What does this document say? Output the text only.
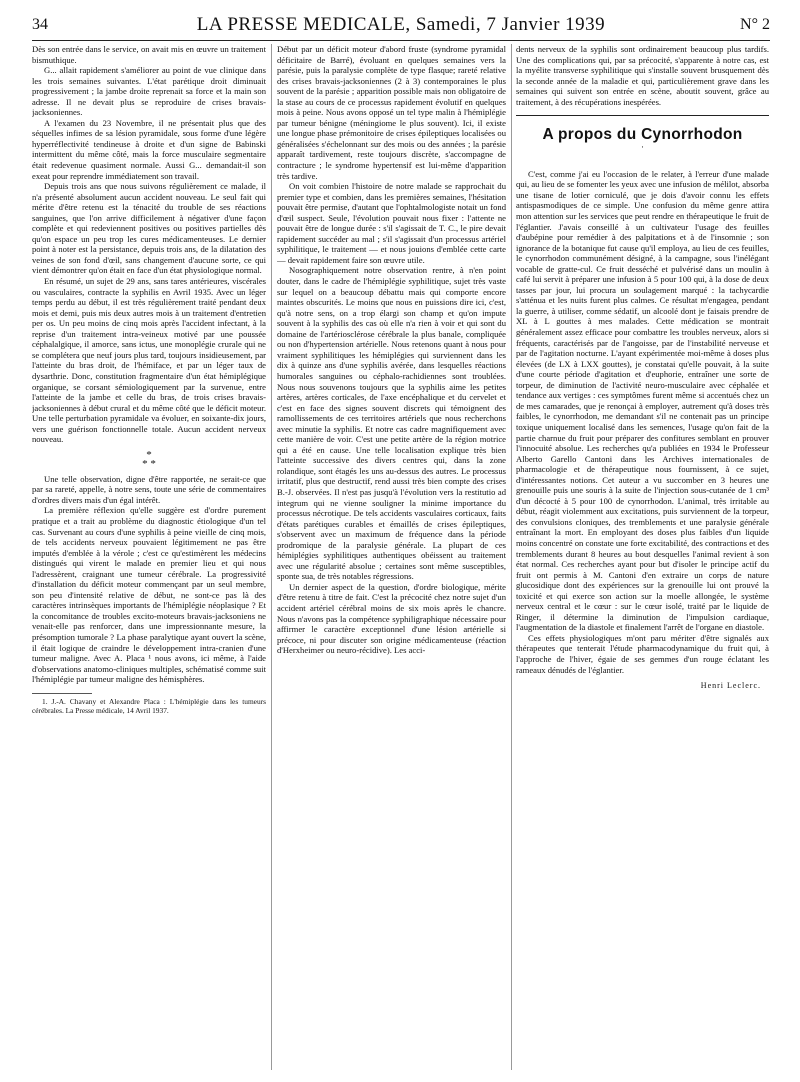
34	LA PRESSE MEDICALE, Samedi, 7 Janvier 1939	N° 2

Dès son entrée dans le service, on avait mis en œuvre un traitement bismuthique.

G... allait rapidement s'améliorer au point de vue clinique dans les trois semaines suivantes. L'état parétique droit diminuait progressivement ; la jambe droite reprenait sa force et la main son adresse. Il ne devait plus se reproduire de crises bravais-jacksoniennes.

A l'examen du 23 Novembre, il ne présentait plus que des séquelles infimes de sa lésion pyramidale, sous forme d'une légère hyperréflectivité tendineuse à droite et d'un signe de Babinski intermittent du même côté, mais la force musculaire segmentaire était redevenue quasiment normale. Aussi G... demandait-il son exeat pour reprendre immédiatement son travail.

Depuis trois ans que nous suivons régulièrement ce malade, il n'a présenté absolument aucun accident nouveau. Le seul fait qui mérite d'être retenu est la ténacité du trouble de ses réactions sanguines, que l'on arrive difficilement à négativer d'une façon complète et qui redeviennent positives ou positives partielles dès qu'on espace un peu trop les cures médicamenteuses. Le dernier point à noter est la persistance, depuis trois ans, de la dilatation des veines de son fond d'œil, sans changement d'aucune sorte, ce qui vient démontrer qu'on était en face d'un état physiologique normal.

En résumé, un sujet de 29 ans, sans tares antérieures, viscérales ou vasculaires, contracte la syphilis en Avril 1935. Avec un léger temps perdu au début, il est très régulièrement traité pendant deux mois et demi, puis mis deux autres mois à un traitement d'entretien per os. Un peu moins de cinq mois après l'accident infectant, à la reprise d'un traitement intra-veineux motivé par une poussée céphalalgique, il amorce, sans ictus, une monoplégie crurale qui ne se complétera que neuf jours plus tard, toujours insidieusement, par l'atteinte du bras droit, de l'hémiface, et par un léger taux de dysarthrie. Donc, constitution fragmentaire d'un état hémiplégique organique, se corsant sémiologiquement par la survenue, entre l'atteinte de la jambe et celle du bras, de trois crises bravais-jacksoniennes à début crural et du même côté que le déficit moteur. Une telle perturbation pyramidale va évoluer, en soixante-dix jours, vers une guérison fonctionnelle totale. Aucun accident nerveux nouveau.

*
* *

Une telle observation, digne d'être rapportée, ne serait-ce que par sa rareté, appelle, à notre sens, toute une série de commentaires d'ordres divers mais d'un égal intérêt.

La première réflexion qu'elle suggère est d'ordre purement pratique et a trait au problème du diagnostic étiologique d'un tel cas. Survenant au cours d'une syphilis à peine vieille de cinq mois, de tels accidents nerveux pouvaient légitimement ne pas être imputés d'emblée à la vérole ; c'est ce qu'estimèrent les médecins distingués qui virent le malade en premier lieu et qui nous l'adressèrent, craignant une tumeur cérébrale. La progressivité d'installation du déficit moteur commençant par un seul membre, son peu d'intensité relative de début, ne sont-ce pas là des caractères intrinsèques importants de l'hémiplégie néoplasique ? Et la concomitance de troubles excito-moteurs bravais-jacksoniens ne venait-elle pas renforcer, dans une impressionnante mesure, la présomption tumorale ? La phase paralytique ayant ouvert la scène, il était logique de craindre le développement intra-cranien d'une tumeur maligne. Avec A. Placa ¹ nous avons, ici même, à l'aide d'observations anatomo-cliniques multiples, schématisé comme suit l'hémiplégie par tumeur maligne des hémisphères.

1. J.-A. Chavany et Alexandre Placa : L'hémiplégie dans les tumeurs cérébrales. La Presse médicale, 14 Avril 1937.

Début par un déficit moteur d'abord fruste (syndrome pyramidal déficitaire de Barré), évoluant en quelques semaines vers la parésie, puis la paralysie complète de type flasque; rareté relative des crises bravais-jacksoniennes (2 à 3) contemporaines le plus souvent de la parésie ; apparition possible mais non obligatoire de la stase au cours de ce processus rapidement évolutif en quelques mois à peine. Nous avons opposé un tel type malin à l'hémiplégie par tumeur bénigne (méningiome le plus souvent). Ici, il existe une longue phase prémonitoire de crises épileptiques localisées ou généralisées s'échelonnant sur des mois ou des années ; la parésie apparaît tardivement, reste toujours discrète, s'accompagne de contracture ; le syndrome hypertensif est lui-même d'apparition très tardive.

On voit combien l'histoire de notre malade se rapprochait du premier type et combien, dans les premières semaines, l'hésitation pouvait être permise, d'autant que l'ophtalmologiste notait un fond d'œil suspect. Seule, l'évolution pouvait nous fixer : l'attente ne pouvait être de longue durée : s'il s'agissait de T. C., le pire devait rapidement succéder au mal ; s'il s'agissait d'un processus artériel syphilitique, le traitement — et nous jouions d'emblée cette carte — devait rapidement faire son œuvre utile.

Nosographiquement notre observation rentre, à n'en point douter, dans le cadre de l'hémiplégie syphilitique, sujet très vaste sur lequel on a beaucoup débattu mais qui comporte encore maintes obscurités. Le moins que nous en puissions dire ici, c'est, qu'à notre sens, on a trop élargi son champ et qu'on impute souvent à la syphilis des cas où elle n'a rien à voir et qui sont du domaine de l'artériosclérose cérébrale la plus banale, compliquée ou non d'hypertension artérielle. Nous retenons quant à nous pour vraiment syphilitiques les hémiplégies qui surviennent dans les dix à quinze ans d'une syphilis avérée, dans lesquelles réactions humorales sanguines ou céphalo-rachidiennes sont troublées. Nous nous souvenons toujours que la syphilis aime les petites artères, artères corticales, de l'axe encéphalique et du cervelet et c'est en face des signes souvent discrets qui témoignent des ramollissements de ces territoires artériels que nous recherchons avec minutie la syphilis. Et notre cas cadre magnifiquement avec cette manière de voir. C'est une petite artère de la région motrice qui a été en cause. Une telle localisation explique très bien l'atteinte successive des divers centres qui, dans la zone rolandique, sont étagés les uns au-dessus des autres. Le processus irritatif, plus que destructif, rend aussi très bien compte des crises B.-J. observées. Il n'est pas jusqu'à l'évolution vers la restitutio ad integrum qui ne vienne souligner la minime importance du processus nécrotique. De tels accidents vasculaires corticaux, faits d'états parétiques curables et émaillés de crises épileptiques, s'observent avec un maximum de fréquence dans la période prodromique de la paralysie générale. La plupart de ces hémiplégies syphilitiques authentiques obéissent au traitement avec une régularité absolue ; certaines sont même susceptibles, sponte sua, de très notables régressions.

Un dernier aspect de la question, d'ordre biologique, mérite d'être retenu à titre de fait. C'est la précocité chez notre sujet d'un accident artériel cérébral moins de six mois après le chancre. Nous n'avons pas la compétence syphiligraphique nécessaire pour affirmer le caractère exceptionnel d'une lésion artérielle si précoce, ni pour discuter son origine médicamenteuse (réaction d'Herxheimer ou neuro-récidive). Les acci-

dents nerveux de la syphilis sont ordinairement beaucoup plus tardifs. Une des complications qui, par sa précocité, s'apparente à notre cas, est la myélite transverse syphilitique qui s'installe souvent brusquement dès la seconde année de la maladie et qui, particulièrement grave dans les semaines qui suivent son entrée en scène, aboutit souvent, grâce au traitement, à des récupérations inespérées.

A propos du Cynorrhodon
·

C'est, comme j'ai eu l'occasion de le relater, à l'erreur d'une malade qui, au lieu de se fomenter les yeux avec une infusion de mélilot, absorba une tisane de lotier corniculé, que je dois d'avoir connu les effets antispasmodiques de ce simple. Une confusion du même genre attira mon attention sur les services que peut rendre en thérapeutique le fruit de l'églantier. J'avais conseillé à un cultivateur l'usage des feuilles d'aubépine pour remédier à des palpitations et à de l'insomnie ; son ignorance de la botanique fut cause qu'il employa, au lieu de ces feuilles, le cynorrhodon communément désigné, à la campagne, sous l'inélégant vocable de gratte-cul. Ce fruit desséché et pulvérisé dans un moulin à café lui servit à préparer une infusion à 5 pour 100 qui, à la dose de deux tasses par jour, lui procura un soulagement marqué : la tachycardie s'atténua et les nuits furent plus calmes. Ce résultat m'engagea, pendant la guerre, à utiliser, comme sédatif, un alcoolé dont je faisais prendre de XL à L gouttes à mes malades. Cette médication se montrait généralement assez efficace pour combattre les troubles nerveux, alors si fréquents, caractérisés par de l'angoisse, par de l'instabilité nerveuse et par de l'agitation nocturne. L'ayant expérimentée moi-même à doses plus élevées (de LX à LXX gouttes), je constatai qu'elle pouvait, à la suite d'une courte période d'agitation et d'euphorie, entraîner une sorte de torpeur, de diminution de l'activité neuro-musculaire avec céphalée et tendance aux vertiges : ces symptômes furent même si accentués chez un de mes camarades, que je renonçai à employer, autrement qu'à doses très faibles, le cynorrhodon, me demandant s'il ne contenait pas un principe toxique uniquement localisé dans les semences, l'usage qu'on fait de la partie charnue du fruit pour préparer des confitures semblant en prouver l'innocuité absolue. Les recherches qu'a publiées en 1934 le Professeur Alberto Garello Cantoni dans les Archives internationales de pharmacologie et de thérapeutique nous fournissent, à ce sujet, d'intéressantes notions. Cet auteur a vu succomber en 3 heures une grenouille puis une souris à la suite de l'injection sous-cutanée de 1 cm³ d'un décocté à 5 pour 100 de cynorrhodon. L'animal, très irritable au début, réagit violemment aux excitations, puis surviennent de la torpeur, des convulsions cloniques, des tremblements et une paralysie générale entraînant la mort. En employant des doses plus faibles d'un liquide moins concentré on constate une forte excitabilité, des contractions et des tremblements durant 8 heures au bout desquelles l'animal revient à son état normal. Ces recherches ayant pour but d'isoler le principe actif du fruit ont permis à M. Cantoni d'en extraire un corps de nature glucosidique dont des expériences sur la grenouille lui ont prouvé la toxicité et qui exerce son action sur la moelle allongée, le système nerveux central et le cœur : sur le cœur isolé, traité par le liquide de Ringer, il détermine la diminution de l'impulsion cardiaque, l'augmentation de la diastole et finalement l'arrêt de l'organe en diastole.

Ces effets physiologiques m'ont paru mériter d'être signalés aux thérapeutes que tenterait l'étude pharmacodynamique du fruit qui, à l'approche de l'hiver, égaie de ses gemmes d'un rouge éclatant les rameaux dénudés de l'églantier.

Henri Leclerc.
